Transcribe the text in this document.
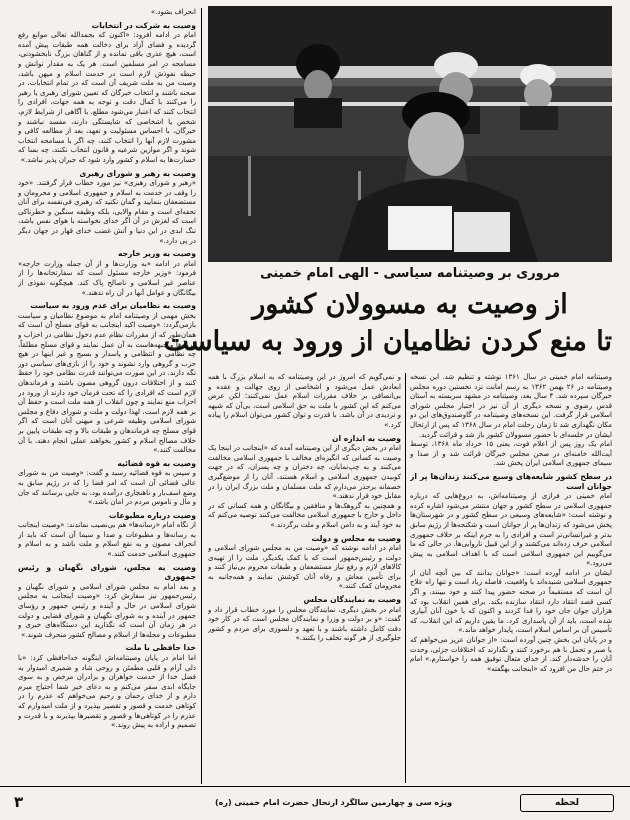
انحراف بشود.»

وصیت به شرکت در انتخابات

امام در ادامه افزود: «اکنون که بحمدالله تعالی موانع رفع گردیده و فضای آزاد برای دخالت همه طبقات پیش آمده است، هیچ عذری باقی نمانده و از گناهان بزرگ نابخشودنی، مسامحه در امر مسلمین است. هر یک به مقدار توانش و حیطه نفوذش لازم است در خدمت اسلام و میهن باشد، وصیت من به ملت شریف آن است که در تمام انتخابات، در صحنه باشند و انتخاب خبرگان که تعیین شورای رهبری یا رهبر را می‌کنند با کمال دقت و توجه به همه جهات، افرادی را انتخاب کنند که اعتبار می‌شود مطلع، با آگاهی از شرایط لازم، شخص یا اشخاصی که شایستگی دارند، مفسد نباشند و خبرگان، با احساس مسئولیت و تعهد، بعد از مطالعه کافی و مشورت لازم آنها را انتخاب کنند، چه اگر با مسامحه انتخاب شوند و اگر موازین شرعیه و قانون انتخاب نکنند، چه بسا که خسارت‌ها به اسلام و کشور وارد شود که جبران پذیر نباشد.»

وصیت به رهبر و شورای رهبری

«رهبر و شورای رهبری» نیز مورد خطاب قرار گرفتند. «خود را وقف در خدمت به اسلام و جمهوری اسلامی و محرومان و مستضعفان بنمایید و گمان نکنید که رهبری فی‌نفسه برای آنان تحفه‌ای است و مقام والایی، بلکه وظیفه سنگین و خطرناکی است که لغزش در آن اگر خدای نخواسته با هوای نفس باشد، ننگ ابدی در این دنیا و آتش غضب خدای قهار در جهان دیگر در پی دارد.»

وصیت به وزیر خارجه

امام در ادامه «به وزارت‌ها و از آن جمله وزارت خارجه» فرمود: «وزیر خارجه مسئول است که سفارتخانه‌ها را از عناصر غیر اسلامی و ناصالح پاک کند. هیچگونه نفوذی از بیگانگان و عوامل آنها در آن راه ندهند.»

وصیت به نظامیان برای عدم ورود به سیاست

بخش مهمی از وصیتنامه امام به موضوع نظامیان و سیاست بازمی‌گردد: «وصیت اکید اینجانب به قوای مسلح آن است که همان‌طور که از مقررات نظام عدم دخول نظامی در احزاب و گروه‌ها و جبهه‌هاست به آن عمل نمایند و قوای مسلح مطلقاً، چه نظامی و انتظامی و پاسدار و بسیج و غیر اینها در هیچ حزب و گروهی وارد نشوند و خود را از بازی‌های سیاسی دور نگه دارند. در این صورت می‌توانند قدرت نظامی خود را حفظ کنند و از اختلافات درون گروهی مصون باشند و فرماندهان لازم است که افرادی را که تحت فرمان خود دارند از ورود در احزاب منع نمایند و چون انقلاب از همه ملت است و حفظ آن بر همه لازم است، لهذا دولت و ملت و شورای دفاع و مجلس شورای اسلامی وظیفه شرعی و میهنی آنان است که اگر قوای مسلح چه فرماندهان و طبقات بالا و چه طبقات پایین بر خلاف مصالح اسلام و کشور بخواهند عملی انجام دهند، با آن مخالفت کنند.»

وصیت به قوه قضائیه

و سپس به قوه قضائیه رسید و گفت: «وصیت من به شورای عالی قضائی آن است که امر قضا را که در رژیم سابق به وضع اسف‌بار و ناهنجاری درآمده بود، به جایی برسانند که جان و مال و ناموس مردم در امان باشد.»

وصیت درباره مطبوعات

از نگاه امام «رسانه‌ها» هم بی‌نصیب نماندند: «وصیت اینجانب به رسانه‌ها و مطبوعات و صدا و سیما آن است که باید از انحراف مصون و به نفع اسلام و ملت باشد و به اسلام و جمهوری اسلامی خدمت کنند.»

وصیت به مجلس، شورای نگهبان و رئیس جمهوری

و بعد امام به مجلس شورای اسلامی و شورای نگهبان و رئیس‌جمهور نیز سفارش کرد: «وصیت اینجانب به مجلس شورای اسلامی در حال و آینده و رئیس جمهور و رؤسای جمهور در آینده و به شورای نگهبان و شورای قضایی و دولت در هر زمان آن است که نگذارید این دستگاه‌های خبری و مطبوعات و مجله‌ها از اسلام و مصالح کشور منحرف شوند.»

خدا حافظی با ملت

اما امام در پایان وصیتنامه‌اش اینگونه خداحافظی کرد: «با دلی آرام و قلبی مطمئن و روحی شاد و ضمیری امیدوار به فضل خدا از خدمت خواهران و برادران مرخص و به سوی جایگاه ابدی سفر می‌کنم و به دعای خیر شما احتیاج مبرم دارم و از خدای رحمان و رحیم می‌خواهم که عذرم را در کوتاهی خدمت و قصور و تقصیر بپذیرد و از ملت امیدوارم که عذرم را در کوتاهی‌ها و قصور و تقصیرها بپذیرند و با قدرت و تصمیم و اراده به پیش روند.»

مروری بر وصیتنامه سیاسی - الهی امام خمینی
از وصیت به مسوولان کشور
تا منع کردن نظامیان از ورود به سیاست

وصیتنامه امام خمینی در سال ۱۳۶۱ نوشته و تنظیم شد. این نسخه وصیتنامه در ۲۶ بهمن ۱۳۶۲ به رسم امانت نزد نخستین دوره مجلس خبرگان سپرده شد. ۴ سال بعد، وصیتنامه در مشهد سربسته به آستان قدس رضوی و نسخه دیگری از آن نیز در اختیار مجلس شورای اسلامی قرار گرفت. این نسخه‌های وصیتنامه در گاوصندوق‌های این دو مکان نگهداری شد تا زمان رحلت امام در سال ۱۳۶۸ که پس از ارتحال ایشان در جلسه‌ای با حضور مسوولان کشور باز شد و قرائت گردید.

امام یک روز پس از اعلام فوت، یعنی ۱۵ خرداد ماه ۱۳۶۸، توسط آیت‌الله خامنه‌ای در صحن مجلس خبرگان قرائت شد و از صدا و سیمای جمهوری اسلامی ایران پخش شد.

در سطح کشور شایعه‌های وسیع می‌کنند زندان‌ها پر از جوانان است

امام خمینی در فرازی از وصیتنامه‌اش، به دروغ‌هایی که درباره جمهوری اسلامی در سطح کشور و جهان منتشر می‌شود اشاره کرده و نوشته است: «شایعه‌های وسیعی در سطح کشور و در شهرستان‌ها پخش می‌شود که زندان‌ها پر از جوانان است و شکنجه‌ها از رژیم سابق بدتر و غیرانسانی‌تر است و افرادی را به جرم اینکه بر خلاف جمهوری اسلامی حرف زده‌اند می‌کشند و از این قبیل ناروایی‌ها. در حالی که ما می‌گوییم این جمهوری اسلامی است که با اهداف اسلامی به پیش می‌رود.»

ایشان در ادامه آورده است: «جوانان بدانند که بین آنچه آنان از جمهوری اسلامی شنیده‌اند با واقعیت، فاصله زیاد است و تنها راه علاج آن است که مستقیماً در صحنه حضور پیدا کنند و خود ببینند، و اگر کسی قصد انتقاد دارد انتقاد سازنده بکند. برای همین انقلاب بود که هزاران جوان جان خود را فدا کردند و اکنون که با خون آنان آبیاری شده است، باید از آن پاسداری کرد. ما یقین داریم که این انقلاب، که تأسیس آن بر اساس اسلام است، پایدار خواهد ماند.»

و در پایان این بخش چنین آورده است: «از جوانان عزیز می‌خواهم که با صبر و تحمل با هم برخورد کنند و نگذارند که اختلافات جزئی، وحدت آنان را خدشه‌دار کند. از خدای متعال توفیق همه را خواستارم.» امام در ختم حال من افزود که «اینجانب بهگفته»

و نمی‌گویم که امروز در این وصیتنامه که به اسلام بزرگ با همه ابعادش عمل می‌شود و اشخاصی از روی جهالت و عقده و بی‌انصافی بر خلاف مقررات اسلام عمل نمی‌کنند؛ لکن عرض می‌کنم که این کشور با ملت به حق اسلامی است، بی‌آن که شبهه و تردیدی در آن باشد. با قدرت و توان کشور می‌توان اسلام را پیاده کرد.»

وصیت به اندازه ان

امام در بخش دیگری از این وصیتنامه آمده که «اینجانب در اینجا یک وصیت به کسانی که انگیزه‌ای مخالف با جمهوری اسلامی مخالفت می‌کنند و به چپ‌نمایان، چه دختران و چه پسران، که در جهت کوبیدن جمهوری اسلامی و اسلام هستند، آنان را از موضع‌گیری خصمانه برحذر می‌دارم که ملت مسلمان و ملت بزرگ ایران را در مقابل خود قرار ندهند.»

و همچنین به گروهک‌ها و منافقین و بیگانگان و همه کسانی که در داخل و خارج با جمهوری اسلامی مخالفت می‌کنند توصیه می‌کنم که به خود آیند و به دامن اسلام و ملت برگردند.»

وصیت به مجلس و دولت

امام در ادامه نوشته که «وصیت من به مجلس شورای اسلامی و دولت و رئیس‌جمهور است که با کمک یکدیگر، ملت را از تهیه‌ی کالاهای لازم و رفع نیاز مستضعفان و طبقات محروم بی‌نیاز کنند و برای تأمین معاش و رفاه آنان کوشش نمایند و همه‌جانبه به محرومان کمک کنند.»

وصیت به نمایندگان مجلس

امام در بخش دیگری، نمایندگان مجلس را مورد خطاب قرار داد و گفت: «و بر دولت و وزرا و نمایندگان مجلس است که در کار خود دقت کامل داشته باشند و با تعهد و دلسوزی برای مردم و کشور جلوگیری از هر گونه تخلف را بکنند.»

۳	ویژه سی و چهارمین سالگرد ارتحال حضرت امام خمینی (ره)	لحظه
